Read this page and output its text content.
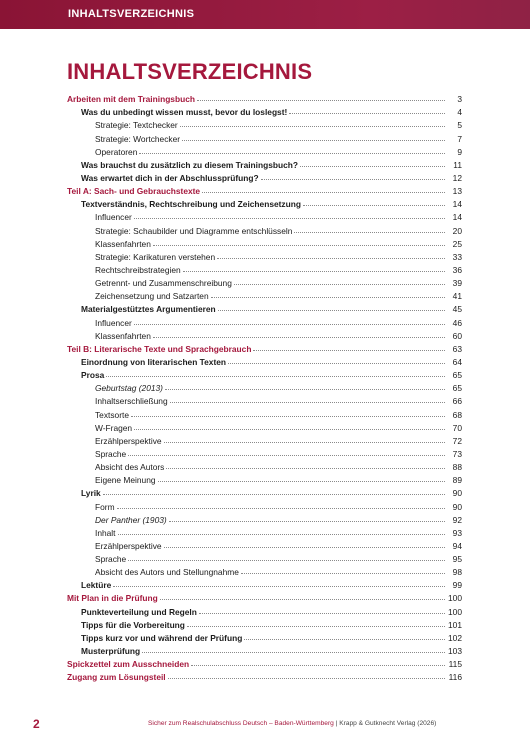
INHALTSVERZEICHNIS
INHALTSVERZEICHNIS
Arbeiten mit dem Trainingsbuch	3
Was du unbedingt wissen musst, bevor du loslegst!	4
Strategie: Textchecker	5
Strategie: Wortchecker	7
Operatoren	9
Was brauchst du zusätzlich zu diesem Trainingsbuch?	11
Was erwartet dich in der Abschlussprüfung?	12
Teil A: Sach- und Gebrauchstexte	13
Textverständnis, Rechtschreibung und Zeichensetzung	14
Influencer	14
Strategie: Schaubilder und Diagramme entschlüsseln	20
Klassenfahrten	25
Strategie: Karikaturen verstehen	33
Rechtschreibstrategien	36
Getrennt- und Zusammenschreibung	39
Zeichensetzung und Satzarten	41
Materialgestütztes Argumentieren	45
Influencer	46
Klassenfahrten	60
Teil B: Literarische Texte und Sprachgebrauch	63
Einordnung von literarischen Texten	64
Prosa	65
Geburtstag (2013)	65
Inhaltserschließung	66
Textsorte	68
W-Fragen	70
Erzählperspektive	72
Sprache	73
Absicht des Autors	88
Eigene Meinung	89
Lyrik	90
Form	90
Der Panther (1903)	92
Inhalt	93
Erzählperspektive	94
Sprache	95
Absicht des Autors und Stellungnahme	98
Lektüre	99
Mit Plan in die Prüfung	100
Punkteverteilung und Regeln	100
Tipps für die Vorbereitung	101
Tipps kurz vor und während der Prüfung	102
Musterprüfung	103
Spickzettel zum Ausschneiden	115
Zugang zum Lösungsteil	116
2	Sicher zum Realschulabschluss Deutsch – Baden-Württemberg | Krapp & Gutknecht Verlag (2026)
